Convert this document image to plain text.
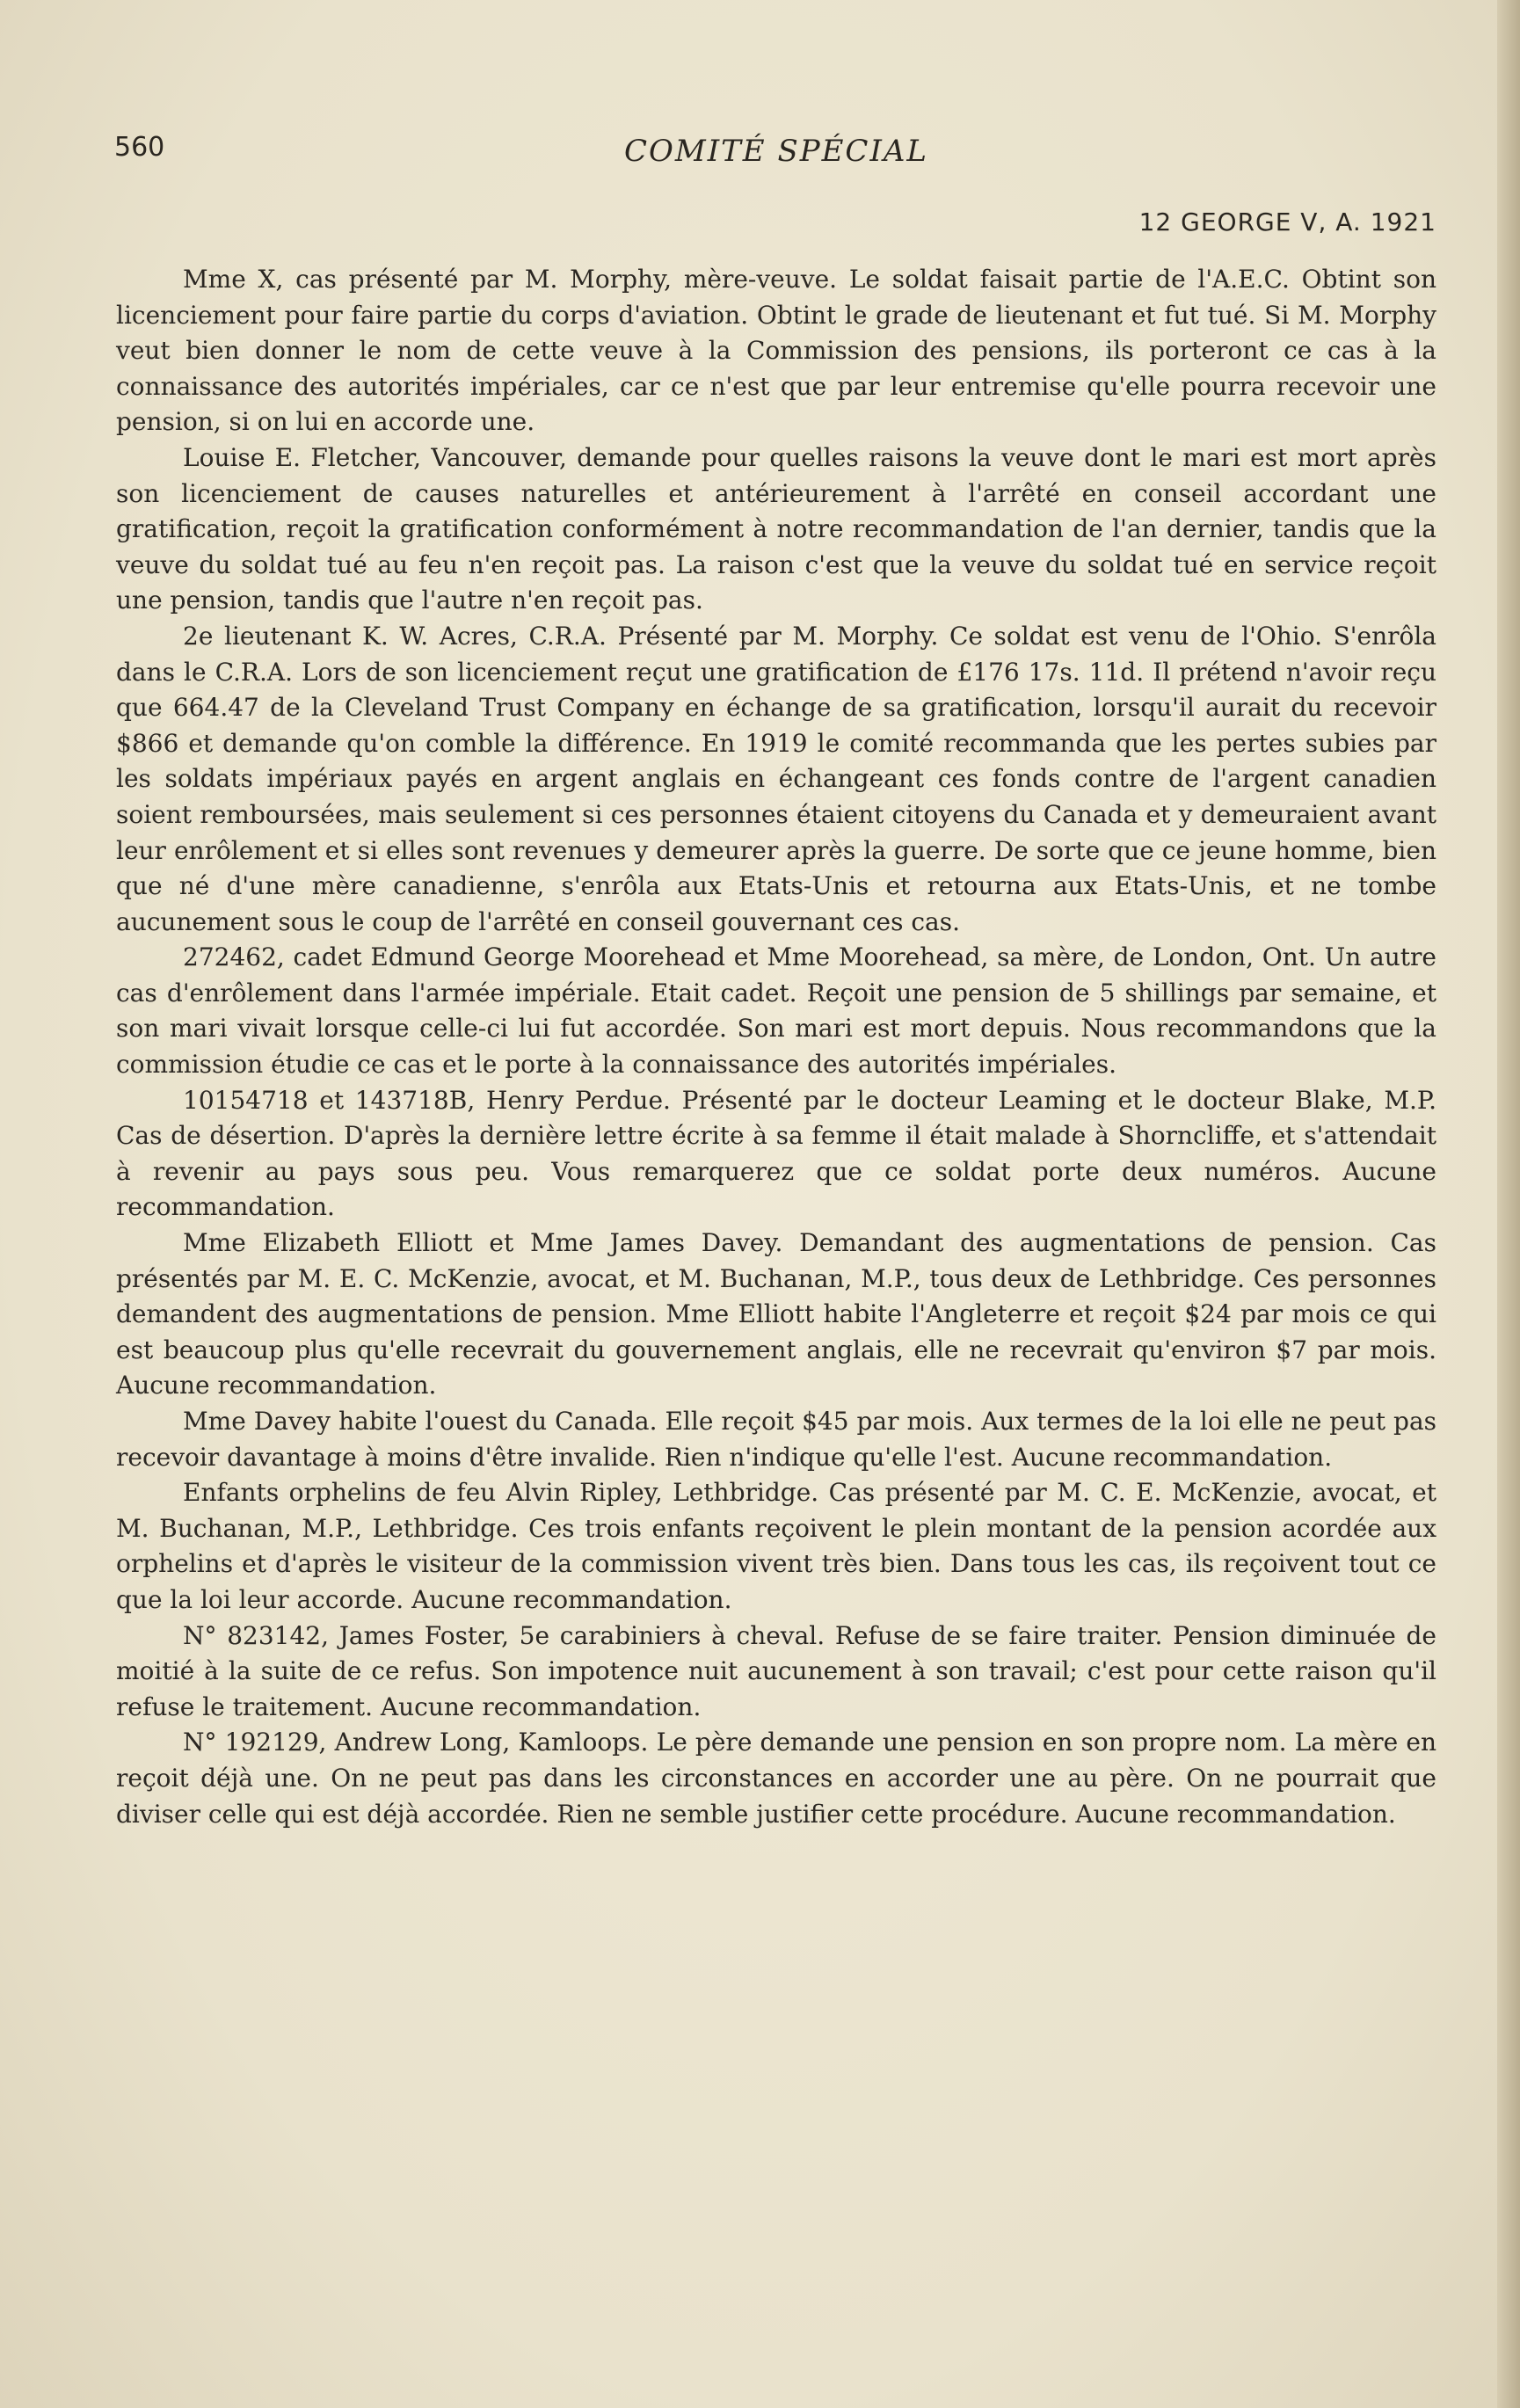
560	COMITÉ SPÉCIAL
12 GEORGE V, A. 1921

Mme X, cas présenté par M. Morphy, mère-veuve. Le soldat faisait partie de l'A.E.C. Obtint son licenciement pour faire partie du corps d'aviation. Obtint le grade de lieutenant et fut tué. Si M. Morphy veut bien donner le nom de cette veuve à la Commission des pensions, ils porteront ce cas à la connaissance des autorités impériales, car ce n'est que par leur entremise qu'elle pourra recevoir une pension, si on lui en accorde une.

Louise E. Fletcher, Vancouver, demande pour quelles raisons la veuve dont le mari est mort après son licenciement de causes naturelles et antérieurement à l'arrêté en conseil accordant une gratification, reçoit la gratification conformément à notre recommandation de l'an dernier, tandis que la veuve du soldat tué au feu n'en reçoit pas. La raison c'est que la veuve du soldat tué en service reçoit une pension, tandis que l'autre n'en reçoit pas.

2e lieutenant K. W. Acres, C.R.A. Présenté par M. Morphy. Ce soldat est venu de l'Ohio. S'enrôla dans le C.R.A. Lors de son licenciement reçut une gratification de £176 17s. 11d. Il prétend n'avoir reçu que 664.47 de la Cleveland Trust Company en échange de sa gratification, lorsqu'il aurait du recevoir $866 et demande qu'on comble la différence. En 1919 le comité recommanda que les pertes subies par les soldats impériaux payés en argent anglais en échangeant ces fonds contre de l'argent canadien soient remboursées, mais seulement si ces personnes étaient citoyens du Canada et y demeuraient avant leur enrôlement et si elles sont revenues y demeurer après la guerre. De sorte que ce jeune homme, bien que né d'une mère canadienne, s'enrôla aux Etats-Unis et retourna aux Etats-Unis, et ne tombe aucunement sous le coup de l'arrêté en conseil gouvernant ces cas.

272462, cadet Edmund George Moorehead et Mme Moorehead, sa mère, de London, Ont. Un autre cas d'enrôlement dans l'armée impériale. Etait cadet. Reçoit une pension de 5 shillings par semaine, et son mari vivait lorsque celle-ci lui fut accordée. Son mari est mort depuis. Nous recommandons que la commission étudie ce cas et le porte à la connaissance des autorités impériales.

10154718 et 143718B, Henry Perdue. Présenté par le docteur Leaming et le docteur Blake, M.P. Cas de désertion. D'après la dernière lettre écrite à sa femme il était malade à Shorncliffe, et s'attendait à revenir au pays sous peu. Vous remarquerez que ce soldat porte deux numéros. Aucune recommandation.

Mme Elizabeth Elliott et Mme James Davey. Demandant des augmentations de pension. Cas présentés par M. E. C. McKenzie, avocat, et M. Buchanan, M.P., tous deux de Lethbridge. Ces personnes demandent des augmentations de pension. Mme Elliott habite l'Angleterre et reçoit $24 par mois ce qui est beaucoup plus qu'elle recevrait du gouvernement anglais, elle ne recevrait qu'environ $7 par mois. Aucune recommandation.

Mme Davey habite l'ouest du Canada. Elle reçoit $45 par mois. Aux termes de la loi elle ne peut pas recevoir davantage à moins d'être invalide. Rien n'indique qu'elle l'est. Aucune recommandation.

Enfants orphelins de feu Alvin Ripley, Lethbridge. Cas présenté par M. C. E. McKenzie, avocat, et M. Buchanan, M.P., Lethbridge. Ces trois enfants reçoivent le plein montant de la pension acordée aux orphelins et d'après le visiteur de la commission vivent très bien. Dans tous les cas, ils reçoivent tout ce que la loi leur accorde. Aucune recommandation.

N° 823142, James Foster, 5e carabiniers à cheval. Refuse de se faire traiter. Pension diminuée de moitié à la suite de ce refus. Son impotence nuit aucunement à son travail; c'est pour cette raison qu'il refuse le traitement. Aucune recommandation.

N° 192129, Andrew Long, Kamloops. Le père demande une pension en son propre nom. La mère en reçoit déjà une. On ne peut pas dans les circonstances en accorder une au père. On ne pourrait que diviser celle qui est déjà accordée. Rien ne semble justifier cette procédure. Aucune recommandation.
